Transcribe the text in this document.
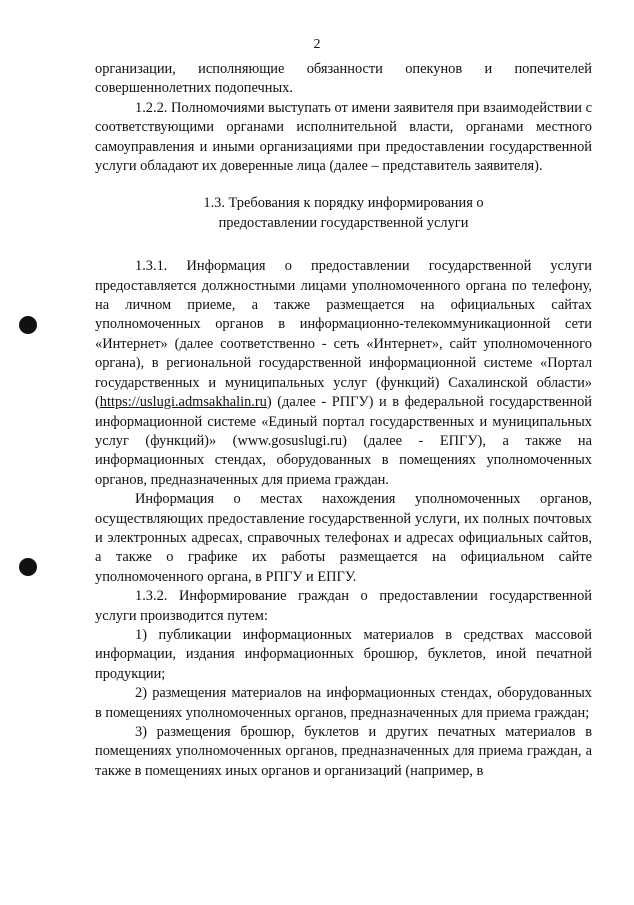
2

организации, исполняющие обязанности опекунов и попечителей совершеннолетних подопечных.

1.2.2. Полномочиями выступать от имени заявителя при взаимодействии с соответствующими органами исполнительной власти, органами местного самоуправления и иными организациями при предоставлении государственной услуги обладают их доверенные лица (далее – представитель заявителя).

1.3. Требования к порядку информирования о
предоставлении государственной услуги

1.3.1. Информация о предоставлении государственной услуги предоставляется должностными лицами уполномоченного органа по телефону, на личном приеме, а также размещается на официальных сайтах уполномоченных органов в информационно-телекоммуникационной сети «Интернет» (далее соответственно - сеть «Интернет», сайт уполномоченного органа), в региональной государственной информационной системе «Портал государственных и муниципальных услуг (функций) Сахалинской области» (https://uslugi.admsakhalin.ru) (далее - РПГУ) и в федеральной государственной информационной системе «Единый портал государственных и муниципальных услуг (функций)» (www.gosuslugi.ru) (далее - ЕПГУ), а также на информационных стендах, оборудованных в помещениях уполномоченных органов, предназначенных для приема граждан.

Информация о местах нахождения уполномоченных органов, осуществляющих предоставление государственной услуги, их полных почтовых и электронных адресах, справочных телефонах и адресах официальных сайтов, а также о графике их работы размещается на официальном сайте уполномоченного органа, в РПГУ и ЕПГУ.

1.3.2. Информирование граждан о предоставлении государственной услуги производится путем:

1) публикации информационных материалов в средствах массовой информации, издания информационных брошюр, буклетов, иной печатной продукции;

2) размещения материалов на информационных стендах, оборудованных в помещениях уполномоченных органов, предназначенных для приема граждан;

3) размещения брошюр, буклетов и других печатных материалов в помещениях уполномоченных органов, предназначенных для приема граждан, а также в помещениях иных органов и организаций (например, в
